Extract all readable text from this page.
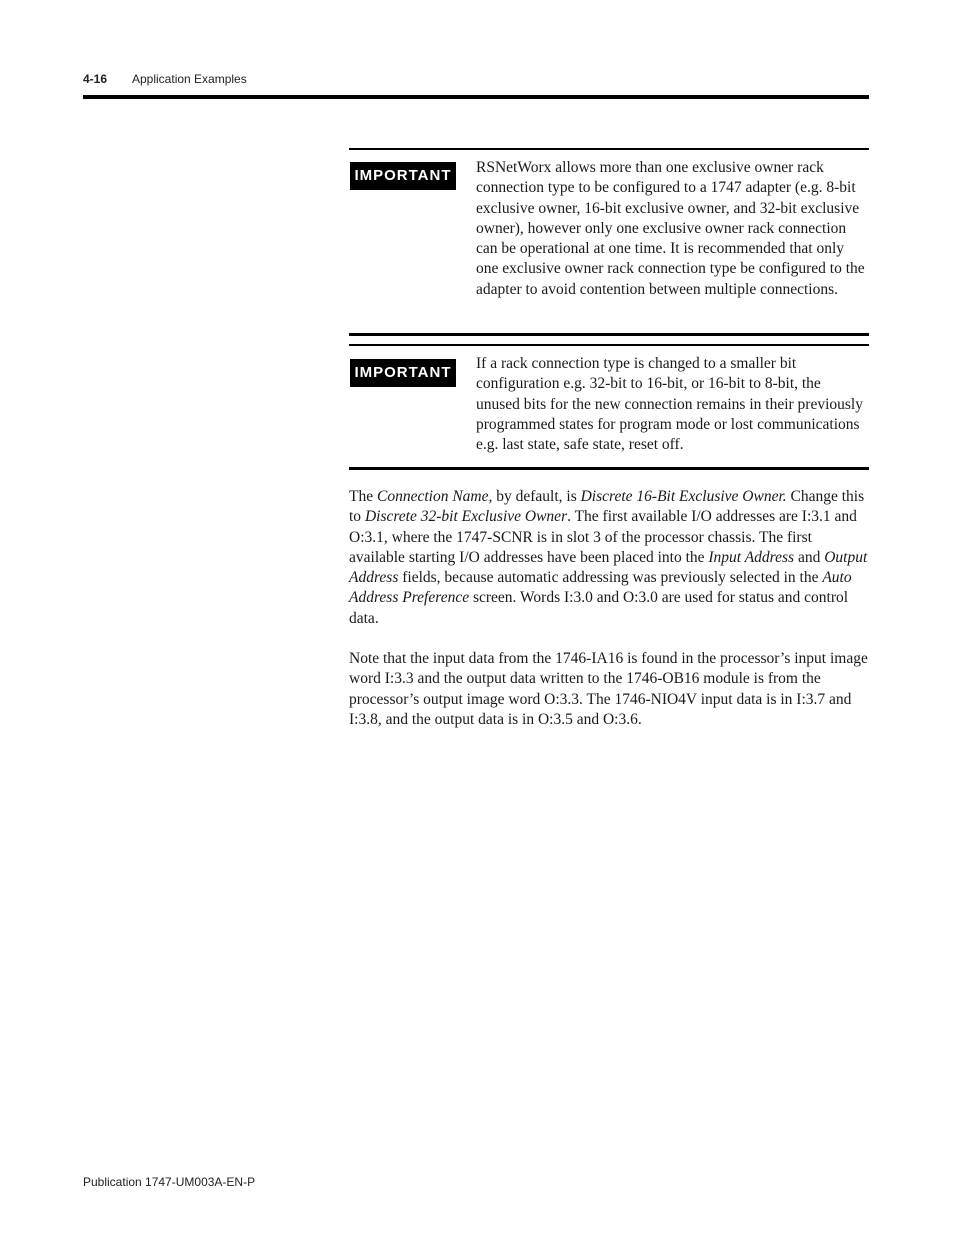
4-16 Application Examples
IMPORTANT RSNetWorx allows more than one exclusive owner rack connection type to be configured to a 1747 adapter (e.g. 8-bit exclusive owner, 16-bit exclusive owner, and 32-bit exclusive owner), however only one exclusive owner rack connection can be operational at one time. It is recommended that only one exclusive owner rack connection type be configured to the adapter to avoid contention between multiple connections.

IMPORTANT

If a rack connection type is changed to a smaller bit configuration e.g. 32-bit to 16-bit, or 16-bit to 8-bit, the unused bits for the new connection remains in their previously programmed states for program mode or lost communications e.g. last state, safe state, reset off.

The Connection Name, by default, is Discrete 16-Bit Exclusive Owner. Change this to Discrete 32-bit Exclusive Owner. The first available I/O addresses are I:3.1 and O:3.1, where the 1747-SCNR is in slot 3 of the processor chassis. The first available starting I/O addresses have been placed into the Input Address and Output Address fields, because automatic addressing was previously selected in the Auto Address Preference screen. Words I:3.0 and O:3.0 are used for status and control data.

Note that the input data from the 1746-IA16 is found in the processor’s input image word I:3.3 and the output data written to the 1746-OB16 module is from the processor’s output image word O:3.3. The 1746-NIO4V input data is in I:3.7 and I:3.8, and the output data is in O:3.5 and O:3.6.

Publication 1747-UM003A-EN-P
